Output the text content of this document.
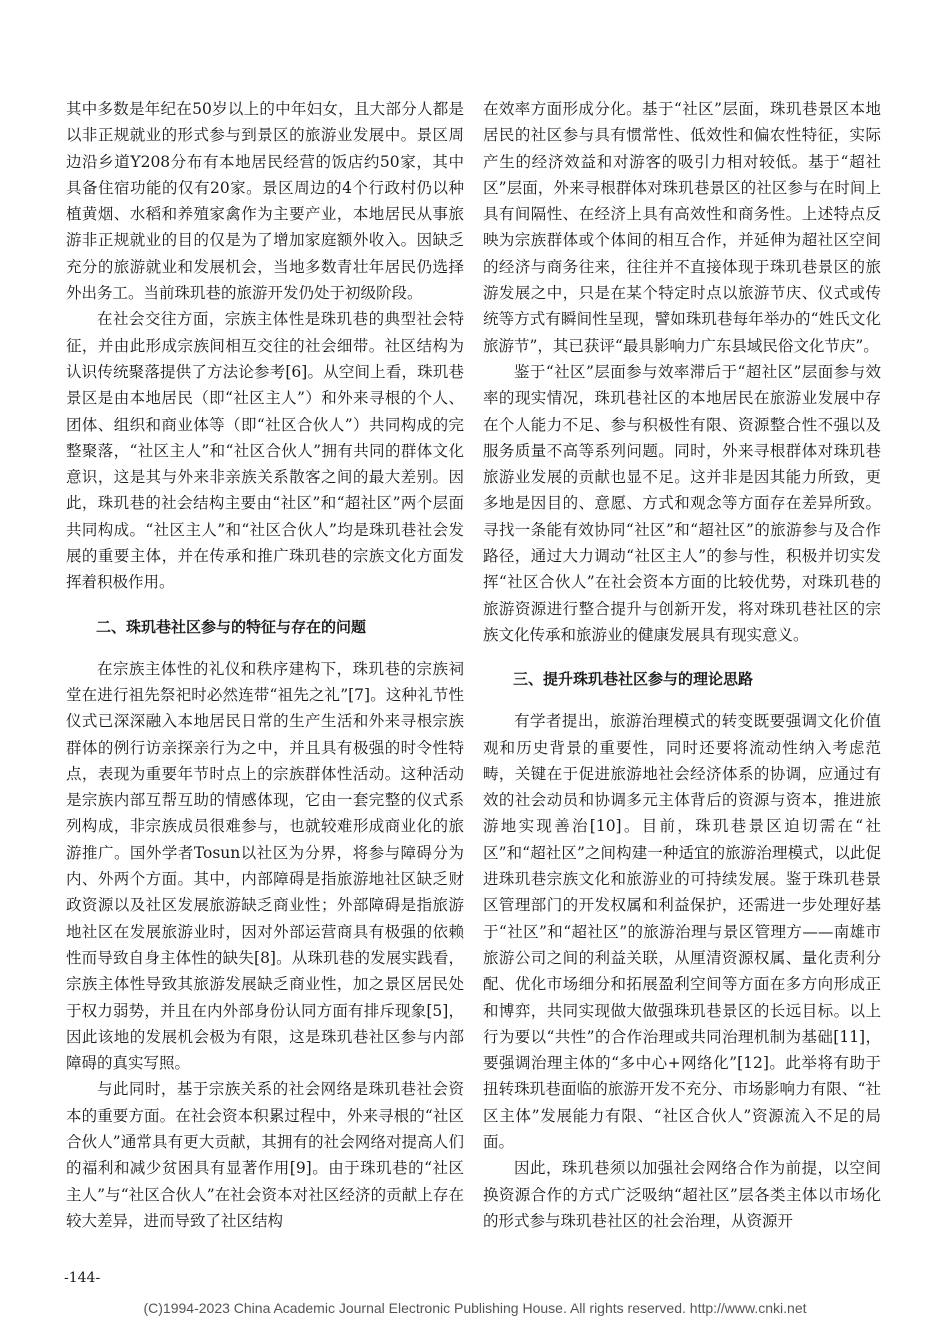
其中多数是年纪在50岁以上的中年妇女，且大部分人都是以非正规就业的形式参与到景区的旅游业发展中。景区周边沿乡道Y208分布有本地居民经营的饭店约50家，其中具备住宿功能的仅有20家。景区周边的4个行政村仍以种植黄烟、水稻和养殖家禽作为主要产业，本地居民从事旅游非正规就业的目的仅是为了增加家庭额外收入。因缺乏充分的旅游就业和发展机会，当地多数青壮年居民仍选择外出务工。当前珠玑巷的旅游开发仍处于初级阶段。

在社会交往方面，宗族主体性是珠玑巷的典型社会特征，并由此形成宗族间相互交往的社会细带。社区结构为认识传统聚落提供了方法论参考[6]。从空间上看，珠玑巷景区是由本地居民（即“社区主人”）和外来寻根的个人、团体、组织和商业体等（即“社区合伙人”）共同构成的完整聚落，“社区主人”和“社区合伙人”拥有共同的群体文化意识，这是其与外来非亲族关系散客之间的最大差别。因此，珠玑巷的社会结构主要由“社区”和“超社区”两个层面共同构成。“社区主人”和“社区合伙人”均是珠玑巷社会发展的重要主体，并在传承和推广珠玑巷的宗族文化方面发挥着积极作用。

二、珠玑巷社区参与的特征与存在的问题

在宗族主体性的礼仪和秩序建构下，珠玑巷的宗族祠堂在进行祖先祭祀时必然连带“祖先之礼”[7]。这种礼节性仪式已深深融入本地居民日常的生产生活和外来寻根宗族群体的例行访亲探亲行为之中，并且具有极强的时令性特点，表现为重要年节时点上的宗族群体性活动。这种活动是宗族内部互帮互助的情感体现，它由一套完整的仪式系列构成，非宗族成员很难参与，也就较难形成商业化的旅游推广。国外学者Tosun以社区为分界，将参与障碍分为内、外两个方面。其中，内部障碍是指旅游地社区缺乏财政资源以及社区发展旅游缺乏商业性；外部障碍是指旅游地社区在发展旅游业时，因对外部运营商具有极强的依赖性而导致自身主体性的缺失[8]。从珠玑巷的发展实践看，宗族主体性导致其旅游发展缺乏商业性，加之景区居民处于权力弱势，并且在内外部身份认同方面有排斥现象[5]，因此该地的发展机会极为有限，这是珠玑巷社区参与内部障碍的真实写照。

与此同时，基于宗族关系的社会网络是珠玑巷社会资本的重要方面。在社会资本积累过程中，外来寻根的“社区合伙人”通常具有更大贡献，其拥有的社会网络对提高人们的福利和减少贫困具有显著作用[9]。由于珠玑巷的“社区主人”与“社区合伙人”在社会资本对社区经济的贡献上存在较大差异，进而导致了社区结构

在效率方面形成分化。基于“社区”层面，珠玑巷景区本地居民的社区参与具有惯常性、低效性和偏农性特征，实际产生的经济效益和对游客的吸引力相对较低。基于“超社区”层面，外来寻根群体对珠玑巷景区的社区参与在时间上具有间隔性、在经济上具有高效性和商务性。上述特点反映为宗族群体或个体间的相互合作，并延伸为超社区空间的经济与商务往来，往往并不直接体现于珠玑巷景区的旅游发展之中，只是在某个特定时点以旅游节庆、仪式或传统等方式有瞬间性呈现，譬如珠玑巷每年举办的“姓氏文化旅游节”，其已获评“最具影响力广东县域民俗文化节庆”。

鉴于“社区”层面参与效率滞后于“超社区”层面参与效率的现实情况，珠玑巷社区的本地居民在旅游业发展中存在个人能力不足、参与积极性有限、资源整合性不强以及服务质量不高等系列问题。同时，外来寻根群体对珠玑巷旅游业发展的贡献也显不足。这并非是因其能力所致，更多地是因目的、意愿、方式和观念等方面存在差异所致。寻找一条能有效协同“社区”和“超社区”的旅游参与及合作路径，通过大力调动“社区主人”的参与性，积极并切实发挥“社区合伙人”在社会资本方面的比较优势，对珠玑巷的旅游资源进行整合提升与创新开发，将对珠玑巷社区的宗族文化传承和旅游业的健康发展具有现实意义。

三、提升珠玑巷社区参与的理论思路

有学者提出，旅游治理模式的转变既要强调文化价值观和历史背景的重要性，同时还要将流动性纳入考虑范畴，关键在于促进旅游地社会经济体系的协调，应通过有效的社会动员和协调多元主体背后的资源与资本，推进旅游地实现善治[10]。目前，珠玑巷景区迫切需在“社区”和“超社区”之间构建一种适宜的旅游治理模式，以此促进珠玑巷宗族文化和旅游业的可持续发展。鉴于珠玑巷景区管理部门的开发权属和利益保护，还需进一步处理好基于“社区”和“超社区”的旅游治理与景区管理方——南雄市旅游公司之间的利益关联，从厘清资源权属、量化责利分配、优化市场细分和拓展盈利空间等方面在多方向形成正和博弈，共同实现做大做强珠玑巷景区的长远目标。以上行为要以“共性”的合作治理或共同治理机制为基础[11]，要强调治理主体的“多中心+网络化”[12]。此举将有助于扭转珠玑巷面临的旅游开发不充分、市场影响力有限、“社区主体”发展能力有限、“社区合伙人”资源流入不足的局面。

因此，珠玑巷须以加强社会网络合作为前提，以空间换资源合作的方式广泛吸纳“超社区”层各类主体以市场化的形式参与珠玑巷社区的社会治理，从资源开

-144-
(C)1994-2023 China Academic Journal Electronic Publishing House. All rights reserved. http://www.cnki.net
